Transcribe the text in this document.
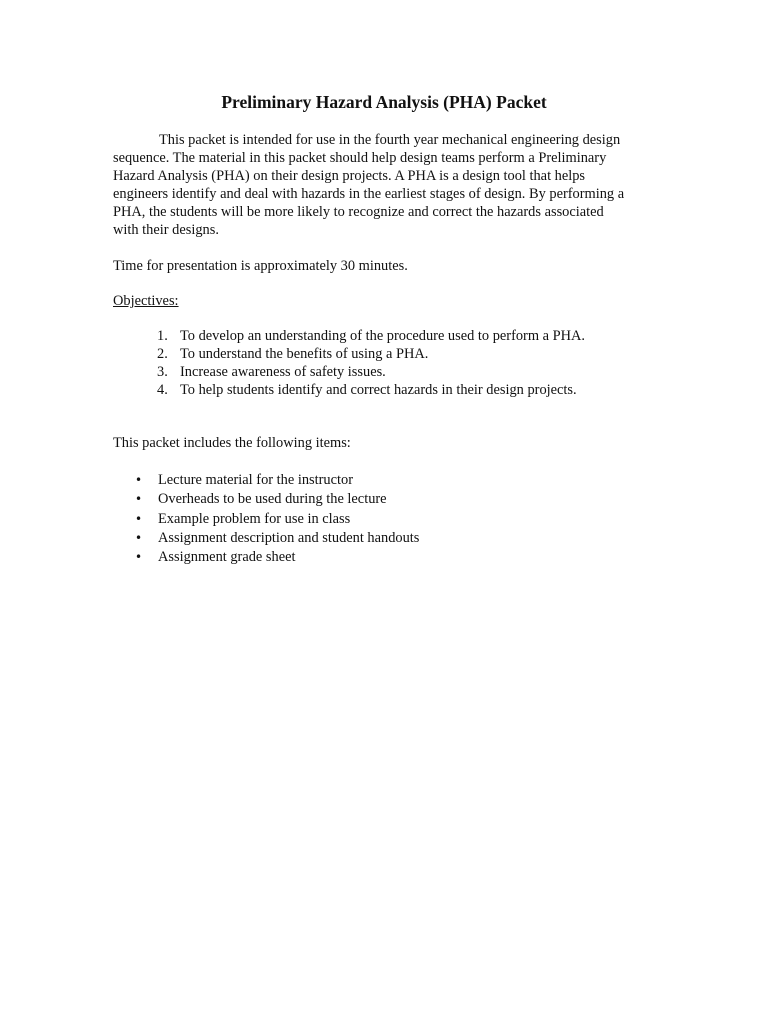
Preliminary Hazard Analysis (PHA) Packet

This packet is intended for use in the fourth year mechanical engineering design
sequence. The material in this packet should help design teams perform a Preliminary
Hazard Analysis (PHA) on their design projects. A PHA is a design tool that helps
engineers identify and deal with hazards in the earliest stages of design. By performing a
PHA, the students will be more likely to recognize and correct the hazards associated
with their designs.

Time for presentation is approximately 30 minutes.

Objectives:

1. To develop an understanding of the procedure used to perform a PHA.
2. To understand the benefits of using a PHA.
3. Increase awareness of safety issues.
4. To help students identify and correct hazards in their design projects.

This packet includes the following items:

• Lecture material for the instructor
• Overheads to be used during the lecture
• Example problem for use in class
• Assignment description and student handouts
• Assignment grade sheet
